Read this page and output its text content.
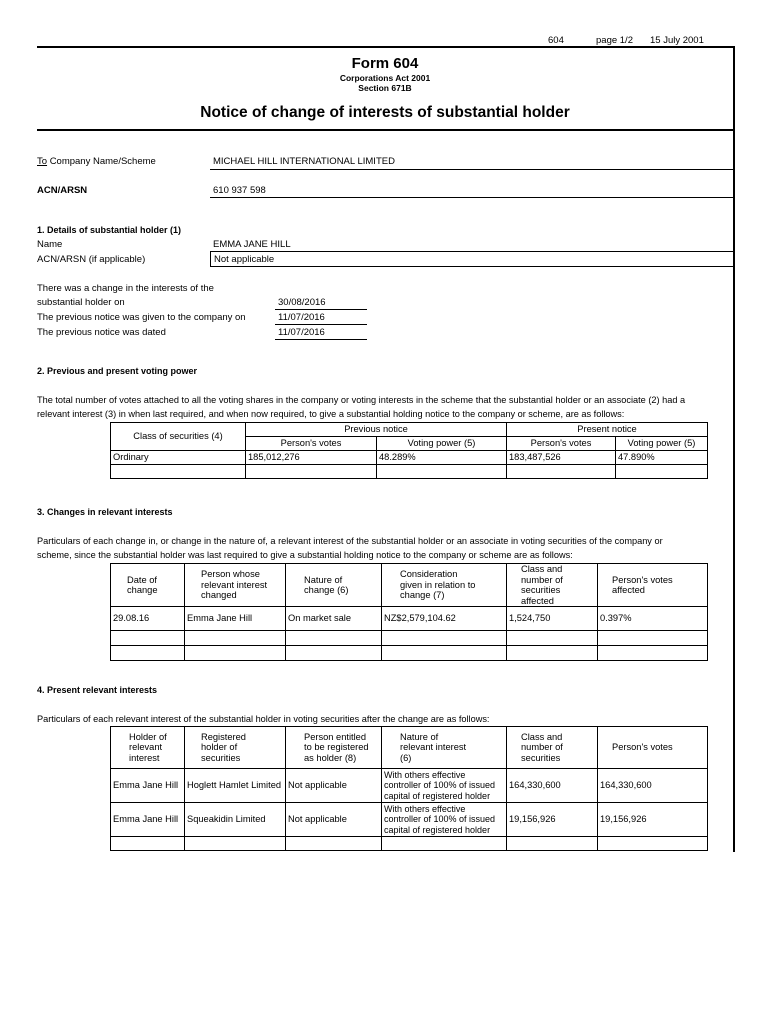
604	page 1/2 15 July 2001
Form 604
Corporations Act 2001
Section 671B
Notice of change of interests of substantial holder
To Company Name/Scheme	MICHAEL HILL INTERNATIONAL LIMITED
ACN/ARSN	610 937 598
1. Details of substantial holder (1)
Name	EMMA JANE HILL
ACN/ARSN (if applicable)	Not applicable
There was a change in the interests of the
substantial holder on	30/08/2016
The previous notice was given to the company on	11/07/2016
The previous notice was dated	11/07/2016
2. Previous and present voting power
The total number of votes attached to all the voting shares in the company or voting interests in the scheme that the substantial holder or an associate (2) had a
relevant interest (3) in when last required, and when now required, to give a substantial holding notice to the company or scheme, are as follows:
Class of securities (4)	Previous notice		Present notice	
	Person's votes	Voting power (5)	Person's votes	Voting power (5)
Ordinary	185,012,276	48.289%	183,487,526	47.890%

3. Changes in relevant interests
Particulars of each change in, or change in the nature of, a relevant interest of the substantial holder or an associate in voting securities of the company or
scheme, since the substantial holder was last required to give a substantial holding notice to the company or scheme are as follows:
Date of change	Person whose relevant interest changed	Nature of change (6)	Consideration given in relation to change (7)	Class and number of securities affected	Person's votes affected

29.08.16	Emma Jane Hill	On market sale	NZ$2,579,104.62	1,524,750	0.397%

4. Present relevant interests
Particulars of each relevant interest of the substantial holder in voting securities after the change are as follows:
Holder of relevant interest	Registered holder of securities	Person entitled to be registered as holder (8)	Nature of relevant interest (6)	Class and number of securities	Person's votes

Emma Jane Hill	Hoglett Hamlet Limited	Not applicable	With others effective controller of 100% of issued capital of registered holder	164,330,600	164,330,600
Emma Jane Hill	Squeakidin Limited	Not applicable	With others effective controller of 100% of issued capital of registered holder	19,156,926	19,156,926
